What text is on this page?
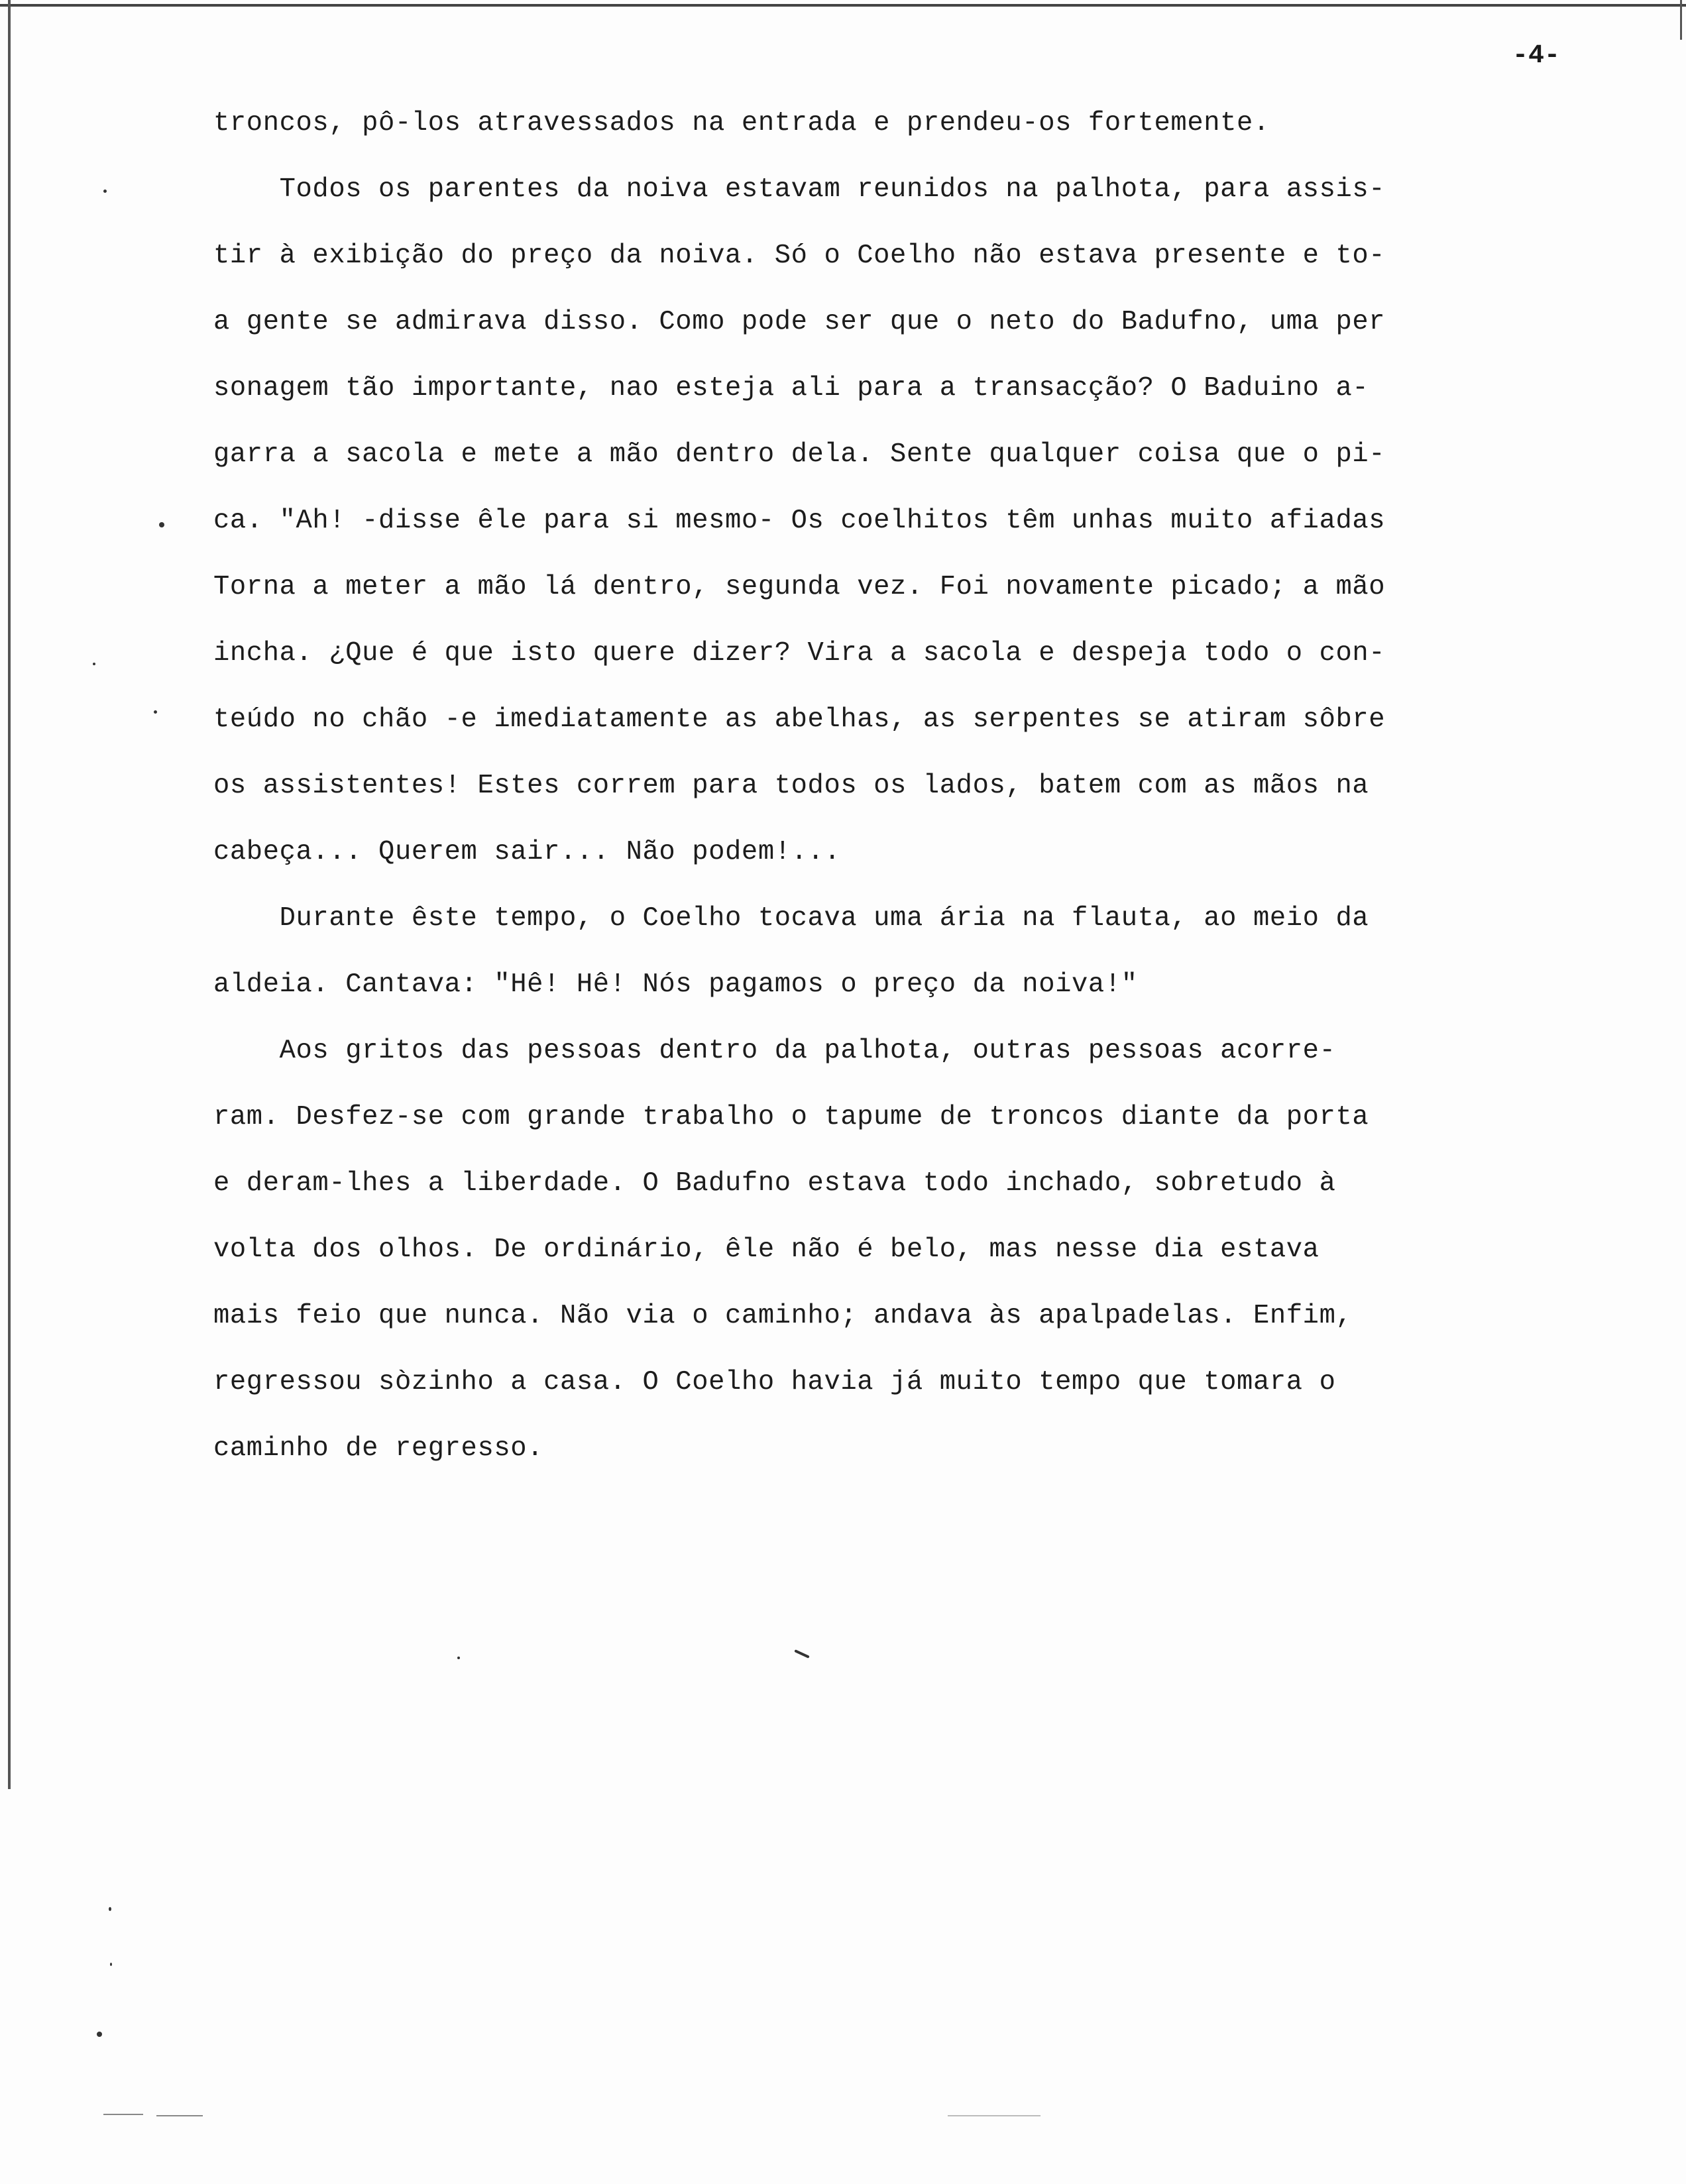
-4-
troncos, pô-los atravessados na entrada e prendeu-os fortemente.
Todos os parentes da noiva estavam reunidos na palhota, para assis-
tir à exibição do preço da noiva. Só o Coelho não estava presente e to-
a gente se admirava disso. Como pode ser que o neto do Badufno, uma per
sonagem tão importante, nao esteja ali para a transacção? O Baduino a-
garra a sacola e mete a mão dentro dela. Sente qualquer coisa que o pi-
ca. "Ah! -disse êle para si mesmo- Os coelhitos têm unhas muito afiadas
Torna a meter a mão lá dentro, segunda vez. Foi novamente picado; a mão
incha. ¿Que é que isto quere dizer? Vira a sacola e despeja todo o con-
teúdo no chão -e imediatamente as abelhas, as serpentes se atiram sôbre
os assistentes! Estes correm para todos os lados, batem com as mãos na
cabeça... Querem sair... Não podem!...
Durante êste tempo, o Coelho tocava uma ária na flauta, ao meio da
aldeia. Cantava: "Hê! Hê! Nós pagamos o preço da noiva!"
Aos gritos das pessoas dentro da palhota, outras pessoas acorre-
ram. Desfez-se com grande trabalho o tapume de troncos diante da porta
e deram-lhes a liberdade. O Badufno estava todo inchado, sobretudo à
volta dos olhos. De ordinário, êle não é belo, mas nesse dia estava
mais feio que nunca. Não via o caminho; andava às apalpadelas. Enfim,
regressou sòzinho a casa. O Coelho havia já muito tempo que tomara o
caminho de regresso.
